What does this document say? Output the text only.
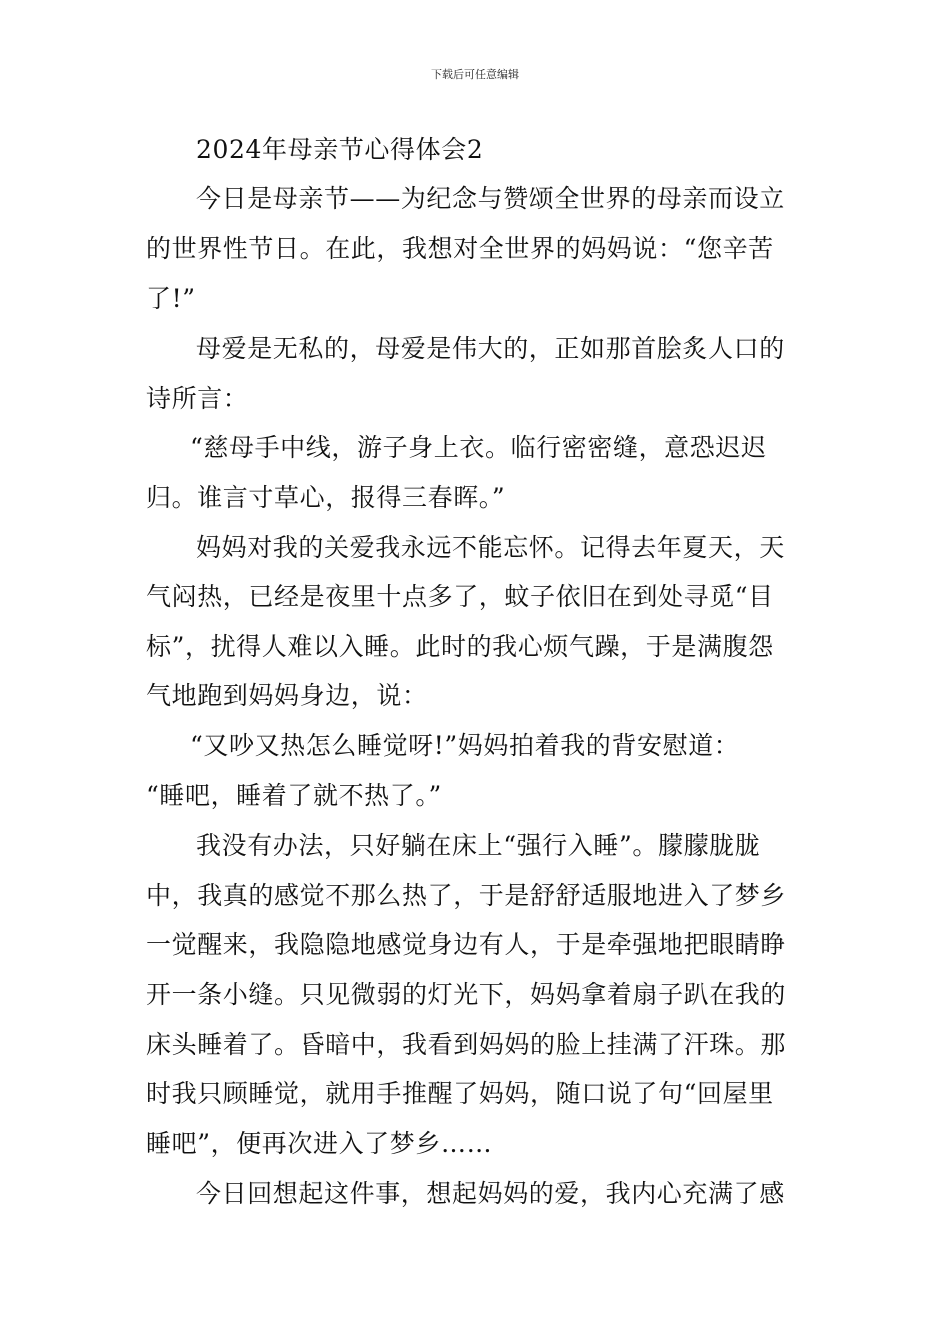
下载后可任意编辑
2024年母亲节心得体会2
今日是母亲节——为纪念与赞颂全世界的母亲而设立
的世界性节日。在此，我想对全世界的妈妈说：“您辛苦
了!”
母爱是无私的，母爱是伟大的，正如那首脍炙人口的
诗所言：
“慈母手中线，游子身上衣。临行密密缝，意恐迟迟
归。谁言寸草心，报得三春晖。”
妈妈对我的关爱我永远不能忘怀。记得去年夏天，天
气闷热，已经是夜里十点多了，蚊子依旧在到处寻觅“目
标”，扰得人难以入睡。此时的我心烦气躁，于是满腹怨
气地跑到妈妈身边，说：
“又吵又热怎么睡觉呀!”妈妈拍着我的背安慰道：
“睡吧，睡着了就不热了。”
我没有办法，只好躺在床上“强行入睡”。朦朦胧胧
中，我真的感觉不那么热了，于是舒舒适服地进入了梦乡
一觉醒来，我隐隐地感觉身边有人，于是牵强地把眼睛睁
开一条小缝。只见微弱的灯光下，妈妈拿着扇子趴在我的
床头睡着了。昏暗中，我看到妈妈的脸上挂满了汗珠。那
时我只顾睡觉，就用手推醒了妈妈，随口说了句“回屋里
睡吧”，便再次进入了梦乡……
今日回想起这件事，想起妈妈的爱，我内心充满了感
